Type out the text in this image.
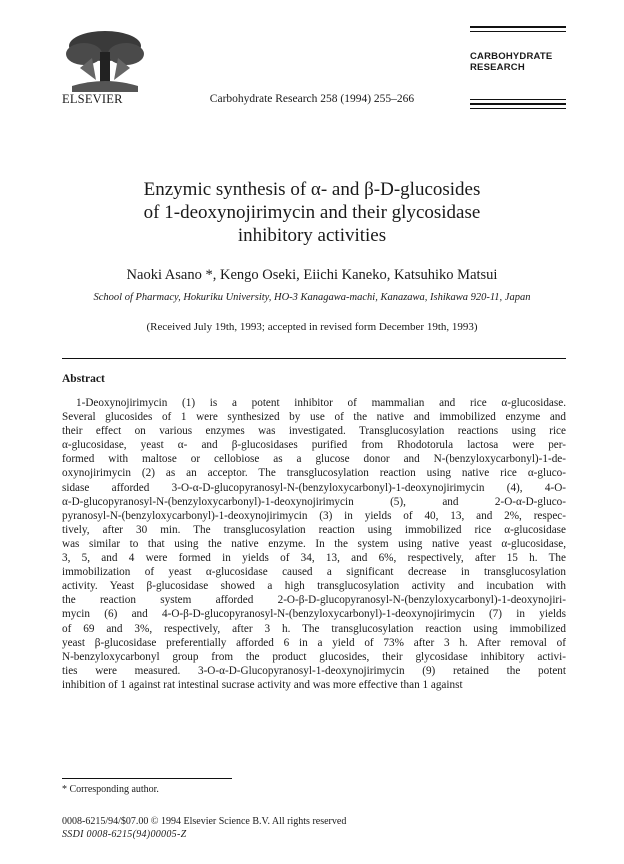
ELSEVIER	Carbohydrate Research 258 (1994) 255–266
CARBOHYDRATE
RESEARCH
Enzymic synthesis of α- and β-D-glucosides
of 1-deoxynojirimycin and their glycosidase
inhibitory activities
Naoki Asano *, Kengo Oseki, Eiichi Kaneko, Katsuhiko Matsui
School of Pharmacy, Hokuriku University, HO-3 Kanagawa-machi, Kanazawa, Ishikawa 920-11, Japan
(Received July 19th, 1993; accepted in revised form December 19th, 1993)
Abstract
1-Deoxynojirimycin (1) is a potent inhibitor of mammalian and rice α-glucosidase.
Several glucosides of 1 were synthesized by use of the native and immobilized enzyme and
their effect on various enzymes was investigated. Transglucosylation reactions using rice
α-glucosidase, yeast α- and β-glucosidases purified from Rhodotorula lactosa were per-
formed with maltose or cellobiose as a glucose donor and N-(benzyloxycarbonyl)-1-de-
oxynojirimycin (2) as an acceptor. The transglucosylation reaction using native rice α-gluco-
sidase afforded 3-O-α-D-glucopyranosyl-N-(benzyloxycarbonyl)-1-deoxynojirimycin (4), 4-O-
α-D-glucopyranosyl-N-(benzyloxycarbonyl)-1-deoxynojirimycin (5), and 2-O-α-D-gluco-
pyranosyl-N-(benzyloxycarbonyl)-1-deoxynojirimycin (3) in yields of 40, 13, and 2%, respec-
tively, after 30 min. The transglucosylation reaction using immobilized rice α-glucosidase
was similar to that using the native enzyme. In the system using native yeast α-glucosidase,
3, 5, and 4 were formed in yields of 34, 13, and 6%, respectively, after 15 h. The
immobilization of yeast α-glucosidase caused a significant decrease in transglucosylation
activity. Yeast β-glucosidase showed a high transglucosylation activity and incubation with
the reaction system afforded 2-O-β-D-glucopyranosyl-N-(benzyloxycarbonyl)-1-deoxynojiri-
mycin (6) and 4-O-β-D-glucopyranosyl-N-(benzyloxycarbonyl)-1-deoxynojirimycin (7) in yields
of 69 and 3%, respectively, after 3 h. The transglucosylation reaction using immobilized
yeast β-glucosidase preferentially afforded 6 in a yield of 73% after 3 h. After removal of
N-benzyloxycarbonyl group from the product glucosides, their glycosidase inhibitory activi-
ties were measured. 3-O-α-D-Glucopyranosyl-1-deoxynojirimycin (9) retained the potent
inhibition of 1 against rat intestinal sucrase activity and was more effective than 1 against
* Corresponding author.
0008-6215/94/$07.00 © 1994 Elsevier Science B.V. All rights reserved
SSDI 0008-6215(94)00005-Z
